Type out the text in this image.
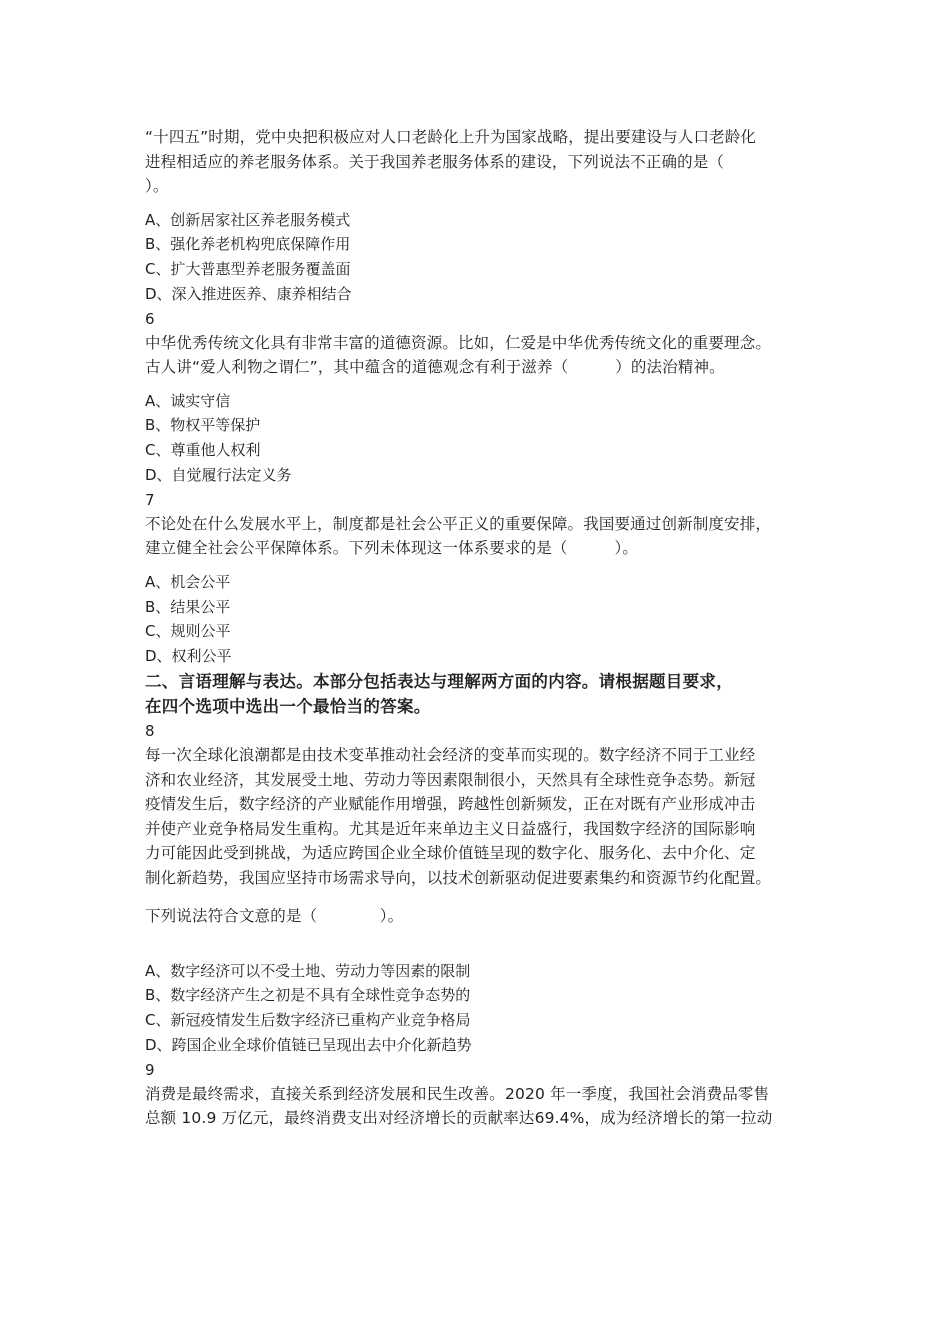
“十四五”时期，党中央把积极应对人口老龄化上升为国家战略，提出要建设与人口老龄化

进程相适应的养老服务体系。关于我国养老服务体系的建设，下列说法不正确的是（

）。

A、创新居家社区养老服务模式

B、强化养老机构兜底保障作用

C、扩大普惠型养老服务覆盖面

D、深入推进医养、康养相结合

6

中华优秀传统文化具有非常丰富的道德资源。比如，仁爱是中华优秀传统文化的重要理念。

古人讲“爱人利物之谓仁”，其中蕴含的道德观念有利于滋养（　　　）的法治精神。

A、诚实守信

B、物权平等保护

C、尊重他人权利

D、自觉履行法定义务

7

不论处在什么发展水平上，制度都是社会公平正义的重要保障。我国要通过创新制度安排，

建立健全社会公平保障体系。下列未体现这一体系要求的是（　　　）。

A、机会公平

B、结果公平

C、规则公平

D、权利公平

二、言语理解与表达。本部分包括表达与理解两方面的内容。请根据题目要求，

在四个选项中选出一个最恰当的答案。

8

每一次全球化浪潮都是由技术变革推动社会经济的变革而实现的。数字经济不同于工业经

济和农业经济，其发展受土地、劳动力等因素限制很小，天然具有全球性竞争态势。新冠

疫情发生后，数字经济的产业赋能作用增强，跨越性创新频发，正在对既有产业形成冲击

并使产业竞争格局发生重构。尤其是近年来单边主义日益盛行，我国数字经济的国际影响

力可能因此受到挑战，为适应跨国企业全球价值链呈现的数字化、服务化、去中介化、定

制化新趋势，我国应坚持市场需求导向，以技术创新驱动促进要素集约和资源节约化配置。

下列说法符合文意的是（　　　　）。

A、数字经济可以不受土地、劳动力等因素的限制

B、数字经济产生之初是不具有全球性竞争态势的

C、新冠疫情发生后数字经济已重构产业竞争格局

D、跨国企业全球价值链已呈现出去中介化新趋势

9

消费是最终需求，直接关系到经济发展和民生改善。2020 年一季度，我国社会消费品零售

总额 10.9 万亿元，最终消费支出对经济增长的贡献率达69.4%，成为经济增长的第一拉动
